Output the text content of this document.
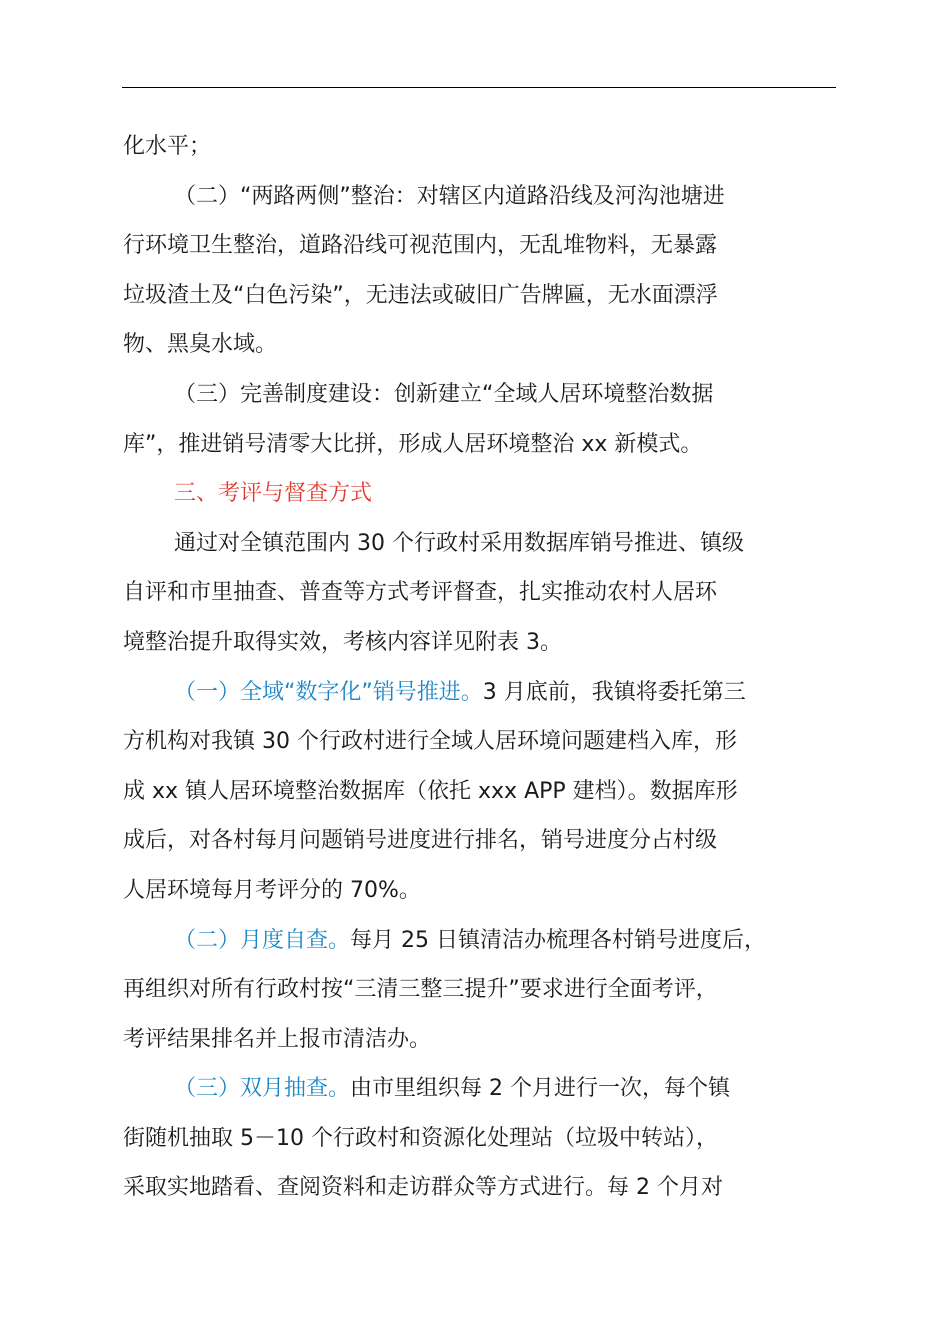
化水平；
（二）“两路两侧”整治：对辖区内道路沿线及河沟池塘进
行环境卫生整治，道路沿线可视范围内，无乱堆物料，无暴露
垃圾渣土及“白色污染”，无违法或破旧广告牌匾，无水面漂浮
物、黑臭水域。
（三）完善制度建设：创新建立“全域人居环境整治数据
库”，推进销号清零大比拼，形成人居环境整治 xx 新模式。
三、考评与督查方式
通过对全镇范围内 30 个行政村采用数据库销号推进、镇级
自评和市里抽查、普查等方式考评督查，扎实推动农村人居环
境整治提升取得实效，考核内容详见附表 3。
（一）全域“数字化”销号推进。3 月底前，我镇将委托第三
方机构对我镇 30 个行政村进行全域人居环境问题建档入库，形
成 xx 镇人居环境整治数据库（依托 xxx APP 建档）。数据库形
成后，对各村每月问题销号进度进行排名，销号进度分占村级
人居环境每月考评分的 70%。
（二）月度自查。每月 25 日镇清洁办梳理各村销号进度后，
再组织对所有行政村按“三清三整三提升”要求进行全面考评，
考评结果排名并上报市清洁办。
（三）双月抽查。由市里组织每 2 个月进行一次，每个镇
街随机抽取 5－10 个行政村和资源化处理站（垃圾中转站），
采取实地踏看、查阅资料和走访群众等方式进行。每 2 个月对
